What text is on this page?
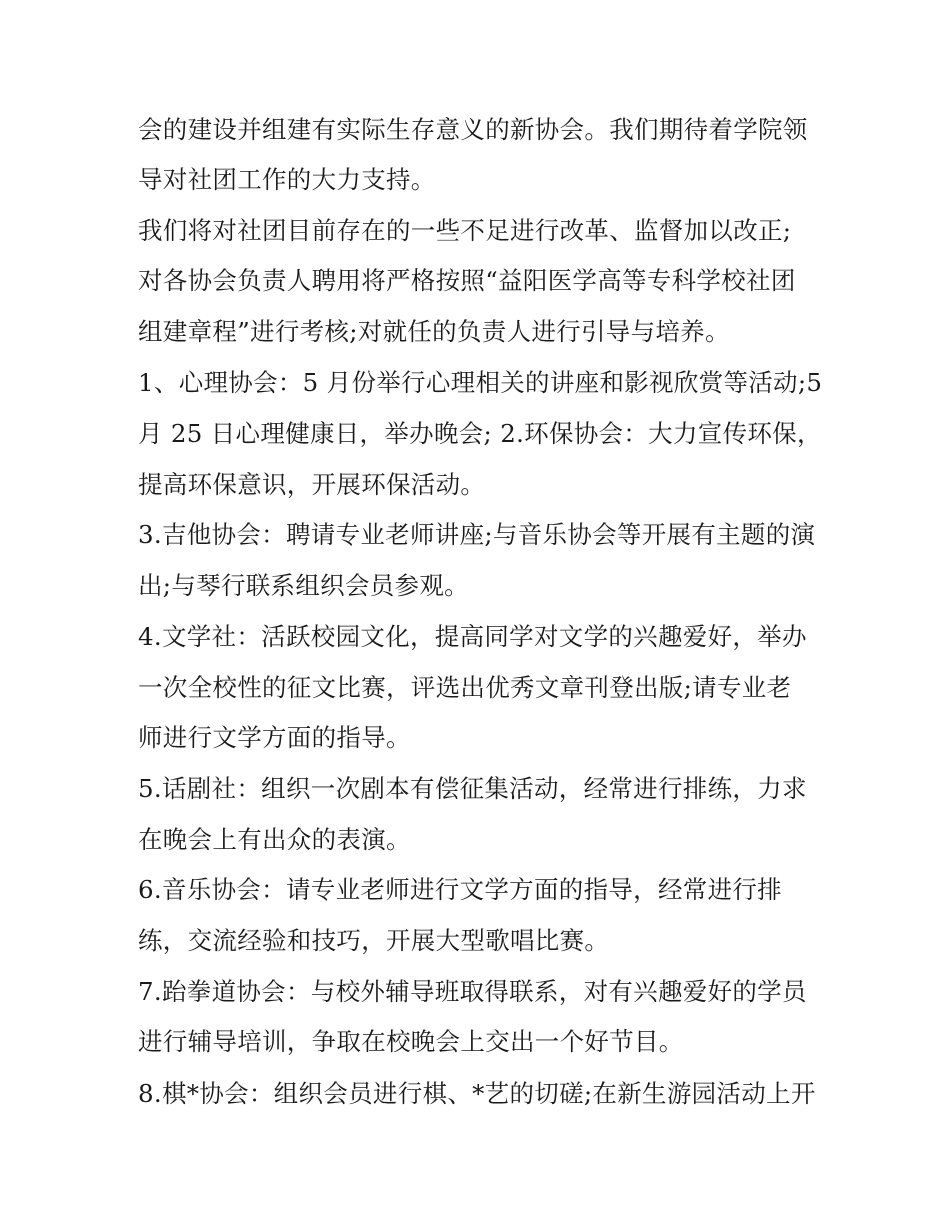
会的建设并组建有实际生存意义的新协会。我们期待着学院领
导对社团工作的大力支持。
我们将对社团目前存在的一些不足进行改革、监督加以改正;
对各协会负责人聘用将严格按照“益阳医学高等专科学校社团
组建章程”进行考核;对就任的负责人进行引导与培养。
1、心理协会：5 月份举行心理相关的讲座和影视欣赏等活动;5
月 25 日心理健康日，举办晚会; 2.环保协会：大力宣传环保，
提高环保意识，开展环保活动。
3.吉他协会：聘请专业老师讲座;与音乐协会等开展有主题的演
出;与琴行联系组织会员参观。
4.文学社：活跃校园文化，提高同学对文学的兴趣爱好，举办
一次全校性的征文比赛，评选出优秀文章刊登出版;请专业老
师进行文学方面的指导。
5.话剧社：组织一次剧本有偿征集活动，经常进行排练，力求
在晚会上有出众的表演。
6.音乐协会：请专业老师进行文学方面的指导，经常进行排
练，交流经验和技巧，开展大型歌唱比赛。
7.跆拳道协会：与校外辅导班取得联系，对有兴趣爱好的学员
进行辅导培训，争取在校晚会上交出一个好节目。
8.棋*协会：组织会员进行棋、*艺的切磋;在新生游园活动上开
